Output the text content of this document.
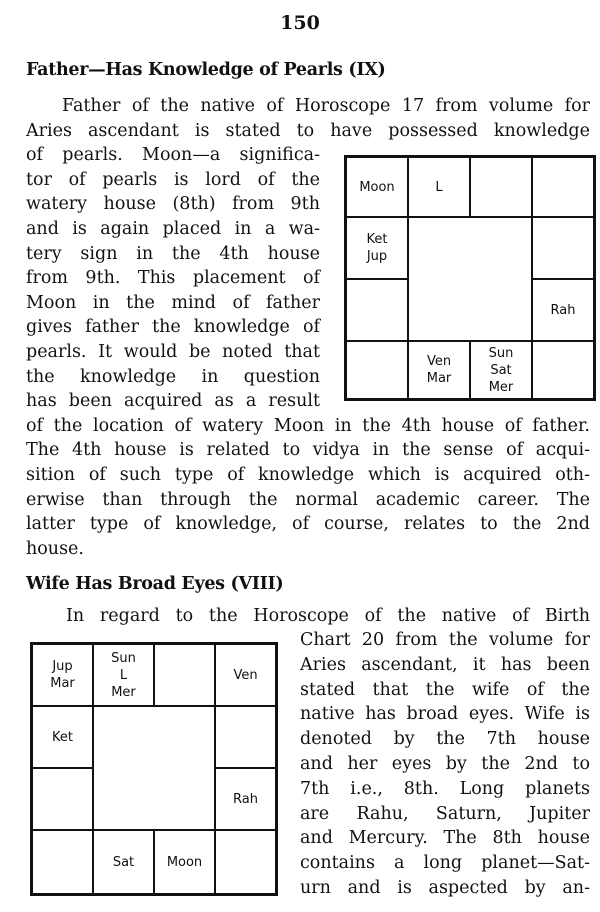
150
Father—Has Knowledge of Pearls (IX)
Father of the native of Horoscope 17 from volume for
Aries ascendant is stated to have possessed knowledge
of pearls. Moon—a significa-
tor of pearls is lord of the
watery house (8th) from 9th
and is again placed in a wa-
tery sign in the 4th house
from 9th. This placement of
Moon in the mind of father
gives father the knowledge of
pearls. It would be noted that
the knowledge in question
has been acquired as a result
of the location of watery Moon in the 4th house of father.
The 4th house is related to vidya in the sense of acqui-
sition of such type of knowledge which is acquired oth-
erwise than through the normal academic career. The
latter type of knowledge, of course, relates to the 2nd
house.
Moon	L
Ket
Jup
Rah
Ven
Mar
Sun
Sat
Mer
Wife Has Broad Eyes (VIII)
In regard to the Horoscope of the native of Birth
Chart 20 from the volume for
Aries ascendant, it has been
stated that the wife of the
native has broad eyes. Wife is
denoted by the 7th house
and her eyes by the 2nd to
7th i.e., 8th. Long planets
are Rahu, Saturn, Jupiter
and Mercury. The 8th house
contains a long planet—Sat-
urn and is aspected by an-
Jup
Mar
Sun
L
Mer
Ven
Ket
Rah
Sat	Moon
